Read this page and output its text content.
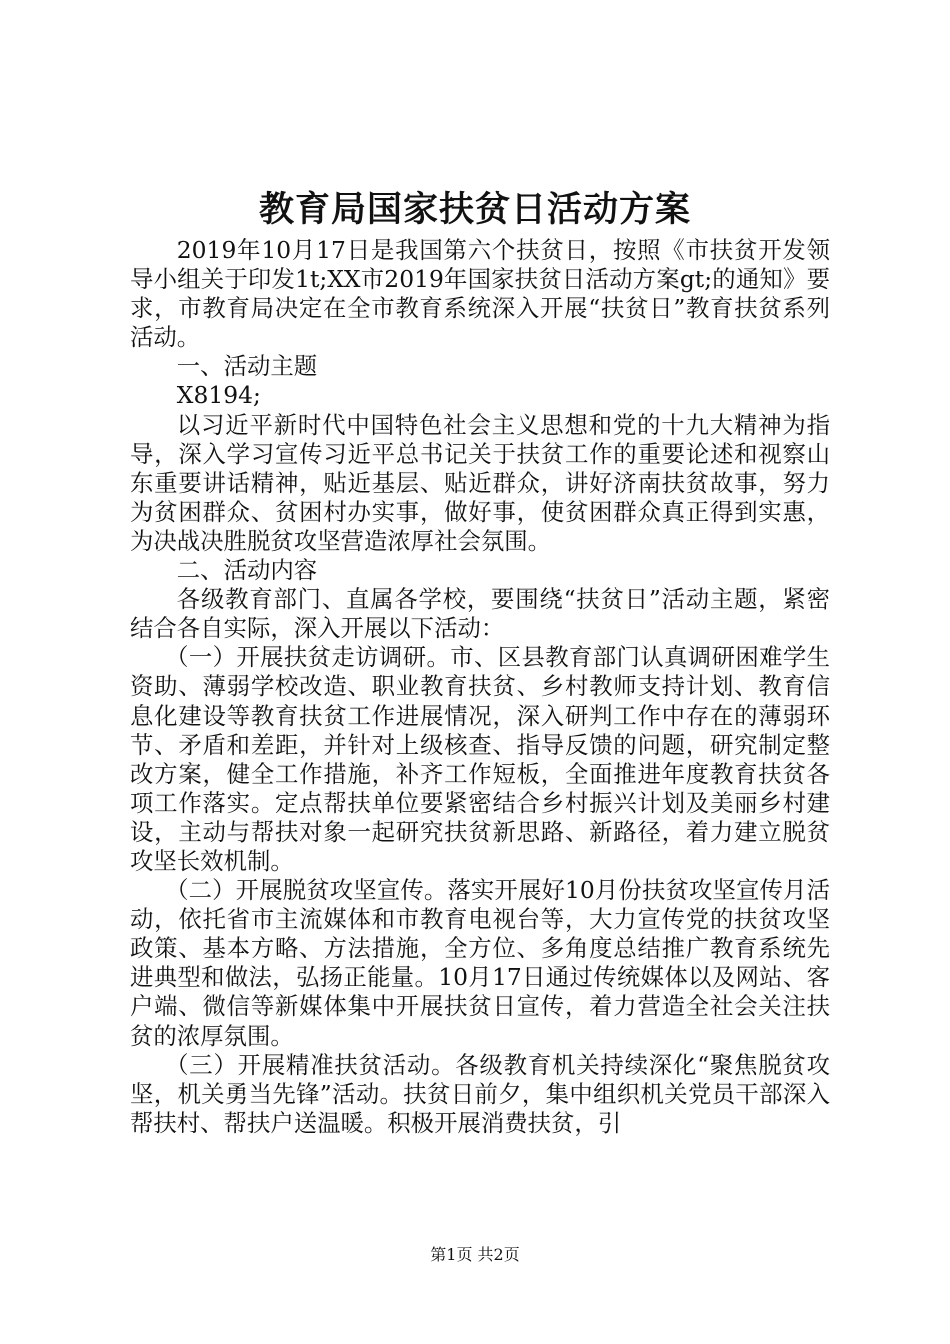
教育局国家扶贫日活动方案

2019年10月17日是我国第六个扶贫日，按照《市扶贫开发领导小组关于印发1t;XX市2019年国家扶贫日活动方案gt;的通知》要求，市教育局决定在全市教育系统深入开展“扶贫日”教育扶贫系列活动。

一、活动主题

X8194;

以习近平新时代中国特色社会主义思想和党的十九大精神为指导，深入学习宣传习近平总书记关于扶贫工作的重要论述和视察山东重要讲话精神，贴近基层、贴近群众，讲好济南扶贫故事，努力为贫困群众、贫困村办实事，做好事，使贫困群众真正得到实惠，为决战决胜脱贫攻坚营造浓厚社会氛围。

二、活动内容

各级教育部门、直属各学校，要围绕“扶贫日”活动主题，紧密结合各自实际，深入开展以下活动：

（一）开展扶贫走访调研。市、区县教育部门认真调研困难学生资助、薄弱学校改造、职业教育扶贫、乡村教师支持计划、教育信息化建设等教育扶贫工作进展情况，深入研判工作中存在的薄弱环节、矛盾和差距，并针对上级核查、指导反馈的问题，研究制定整改方案，健全工作措施，补齐工作短板，全面推进年度教育扶贫各项工作落实。定点帮扶单位要紧密结合乡村振兴计划及美丽乡村建设，主动与帮扶对象一起研究扶贫新思路、新路径，着力建立脱贫攻坚长效机制。

（二）开展脱贫攻坚宣传。落实开展好10月份扶贫攻坚宣传月活动，依托省市主流媒体和市教育电视台等，大力宣传党的扶贫攻坚政策、基本方略、方法措施，全方位、多角度总结推广教育系统先进典型和做法，弘扬正能量。10月17日通过传统媒体以及网站、客户端、微信等新媒体集中开展扶贫日宣传，着力营造全社会关注扶贫的浓厚氛围。

（三）开展精准扶贫活动。各级教育机关持续深化“聚焦脱贫攻坚，机关勇当先锋”活动。扶贫日前夕，集中组织机关党员干部深入帮扶村、帮扶户送温暖。积极开展消费扶贫，引

第1页 共2页
